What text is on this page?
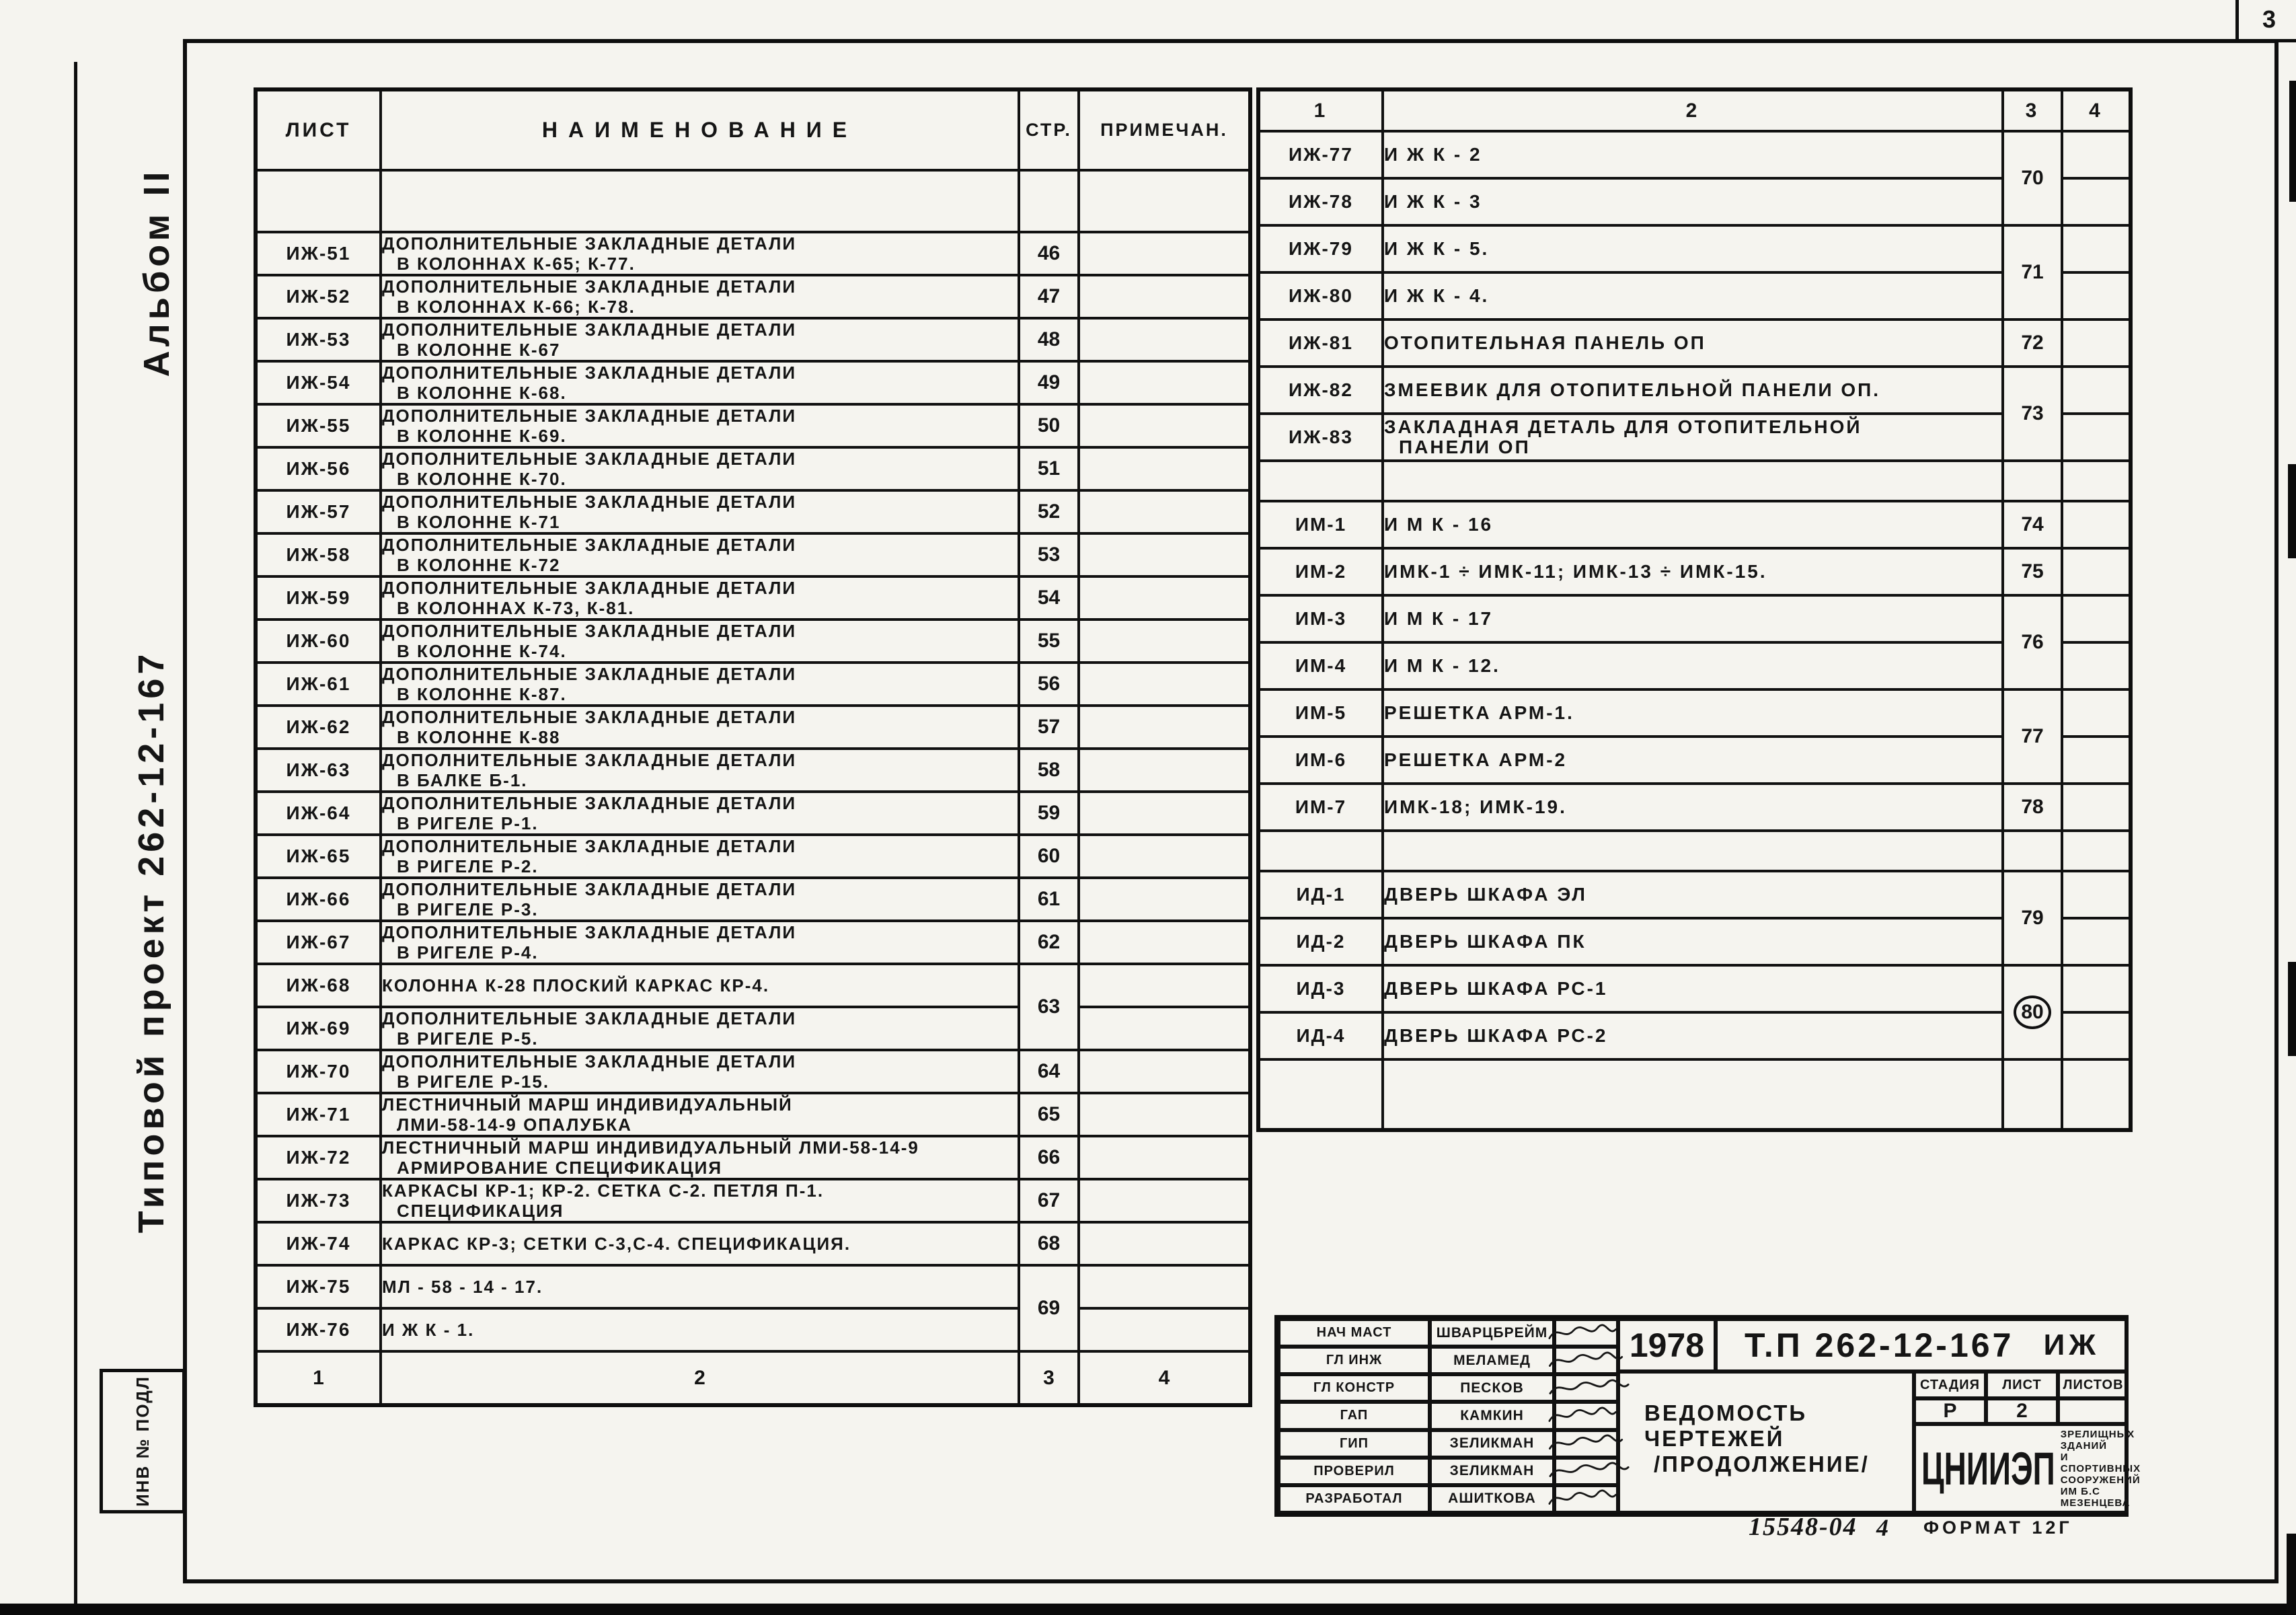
3
Альбом II
Типовой проект 262-12-167
ИНВ № ПОДЛ
ЛИСТ	НАИМЕНОВАНИЕ	СТР.	ПРИМЕЧАН.

ИЖ-51	ДОПОЛНИТЕЛЬНЫЕ ЗАКЛАДНЫЕ ДЕТАЛИ
В КОЛОННАХ К-65; К-77.	46	
ИЖ-52	ДОПОЛНИТЕЛЬНЫЕ ЗАКЛАДНЫЕ ДЕТАЛИ
В КОЛОННАХ К-66; К-78.	47	
ИЖ-53	ДОПОЛНИТЕЛЬНЫЕ ЗАКЛАДНЫЕ ДЕТАЛИ
В КОЛОННЕ К-67	48	
ИЖ-54	ДОПОЛНИТЕЛЬНЫЕ ЗАКЛАДНЫЕ ДЕТАЛИ
В КОЛОННЕ К-68.	49	
ИЖ-55	ДОПОЛНИТЕЛЬНЫЕ ЗАКЛАДНЫЕ ДЕТАЛИ
В КОЛОННЕ К-69.	50	
ИЖ-56	ДОПОЛНИТЕЛЬНЫЕ ЗАКЛАДНЫЕ ДЕТАЛИ
В КОЛОННЕ К-70.	51	
ИЖ-57	ДОПОЛНИТЕЛЬНЫЕ ЗАКЛАДНЫЕ ДЕТАЛИ
В КОЛОННЕ К-71	52	
ИЖ-58	ДОПОЛНИТЕЛЬНЫЕ ЗАКЛАДНЫЕ ДЕТАЛИ
В КОЛОННЕ К-72	53	
ИЖ-59	ДОПОЛНИТЕЛЬНЫЕ ЗАКЛАДНЫЕ ДЕТАЛИ
В КОЛОННАХ К-73, К-81.	54	
ИЖ-60	ДОПОЛНИТЕЛЬНЫЕ ЗАКЛАДНЫЕ ДЕТАЛИ
В КОЛОННЕ К-74.	55	
ИЖ-61	ДОПОЛНИТЕЛЬНЫЕ ЗАКЛАДНЫЕ ДЕТАЛИ
В КОЛОННЕ К-87.	56	
ИЖ-62	ДОПОЛНИТЕЛЬНЫЕ ЗАКЛАДНЫЕ ДЕТАЛИ
В КОЛОННЕ К-88	57	
ИЖ-63	ДОПОЛНИТЕЛЬНЫЕ ЗАКЛАДНЫЕ ДЕТАЛИ
В БАЛКЕ Б-1.	58	
ИЖ-64	ДОПОЛНИТЕЛЬНЫЕ ЗАКЛАДНЫЕ ДЕТАЛИ
В РИГЕЛЕ Р-1.	59	
ИЖ-65	ДОПОЛНИТЕЛЬНЫЕ ЗАКЛАДНЫЕ ДЕТАЛИ
В РИГЕЛЕ Р-2.	60	
ИЖ-66	ДОПОЛНИТЕЛЬНЫЕ ЗАКЛАДНЫЕ ДЕТАЛИ
В РИГЕЛЕ Р-3.	61	
ИЖ-67	ДОПОЛНИТЕЛЬНЫЕ ЗАКЛАДНЫЕ ДЕТАЛИ
В РИГЕЛЕ Р-4.	62	
ИЖ-68	КОЛОННА К-28 ПЛОСКИЙ КАРКАС КР-4.	63	
ИЖ-69	ДОПОЛНИТЕЛЬНЫЕ ЗАКЛАДНЫЕ ДЕТАЛИ
В РИГЕЛЕ Р-5.		

ИЖ-70	ДОПОЛНИТЕЛЬНЫЕ ЗАКЛАДНЫЕ ДЕТАЛИ
В РИГЕЛЕ Р-15.	64	
ИЖ-71	ЛЕСТНИЧНЫЙ МАРШ ИНДИВИДУАЛЬНЫЙ
ЛМИ-58-14-9 ОПАЛУБКА	65	
ИЖ-72	ЛЕСТНИЧНЫЙ МАРШ ИНДИВИДУАЛЬНЫЙ ЛМИ-58-14-9
АРМИРОВАНИЕ СПЕЦИФИКАЦИЯ	66	
ИЖ-73	КАРКАСЫ КР-1; КР-2. СЕТКА С-2. ПЕТЛЯ П-1.
СПЕЦИФИКАЦИЯ	67	
ИЖ-74	КАРКАС КР-3; СЕТКИ С-3,С-4. СПЕЦИФИКАЦИЯ.	68	
ИЖ-75	МЛ - 58 - 14 - 17.	69	
ИЖ-76	И Ж К - 1.		

1	2	3	4
1	2	3	4
ИЖ-77	И Ж К - 2	70	
ИЖ-78	И Ж К - 3		

ИЖ-79	И Ж К - 5.	71	
ИЖ-80	И Ж К - 4.		

ИЖ-81	ОТОПИТЕЛЬНАЯ ПАНЕЛЬ ОП	72	
ИЖ-82	ЗМЕЕВИК ДЛЯ ОТОПИТЕЛЬНОЙ ПАНЕЛИ ОП.	73	
ИЖ-83	ЗАКЛАДНАЯ ДЕТАЛЬ ДЛЯ ОТОПИТЕЛЬНОЙ
ПАНЕЛИ ОП		

ИМ-1	И М К - 16	74	
ИМ-2	ИМК-1 ÷ ИМК-11; ИМК-13 ÷ ИМК-15.	75	
ИМ-3	И М К - 17	76	
ИМ-4	И М К - 12.		

ИМ-5	РЕШЕТКА АРМ-1.	77	
ИМ-6	РЕШЕТКА АРМ-2		

ИМ-7	ИМК-18; ИМК-19.	78	

ИД-1	ДВЕРЬ ШКАФА ЭЛ	79	
ИД-2	ДВЕРЬ ШКАФА ПК		

ИД-3	ДВЕРЬ ШКАФА РС-1	80	
ИД-4	ДВЕРЬ ШКАФА РС-2		

НАЧ МАСТ	ШВАРЦБРЕЙМ
ГЛ ИНЖ	МЕЛАМЕД
ГЛ КОНСТР	ПЕСКОВ
ГАП	КАМКИН
ГИП	ЗЕЛИКМАН
ПРОВЕРИЛ	ЗЕЛИКМАН
РАЗРАБОТАЛ	АШИТКОВА
1978 Т.П 262-12-167 ИЖ
ВЕДОМОСТЬ ЧЕРТЕЖЕЙ
/ПРОДОЛЖЕНИЕ/
СТАДИЯ	ЛИСТ	ЛИСТОВ
Р	2
ЦНИИЭП
ЗРЕЛИЩНЫХ ЗДАНИЙ
И СПОРТИВНЫХ
СООРУЖЕНИЙ
ИМ Б.С МЕЗЕНЦЕВА
15548-04 4 ФОРМАТ 12Г
